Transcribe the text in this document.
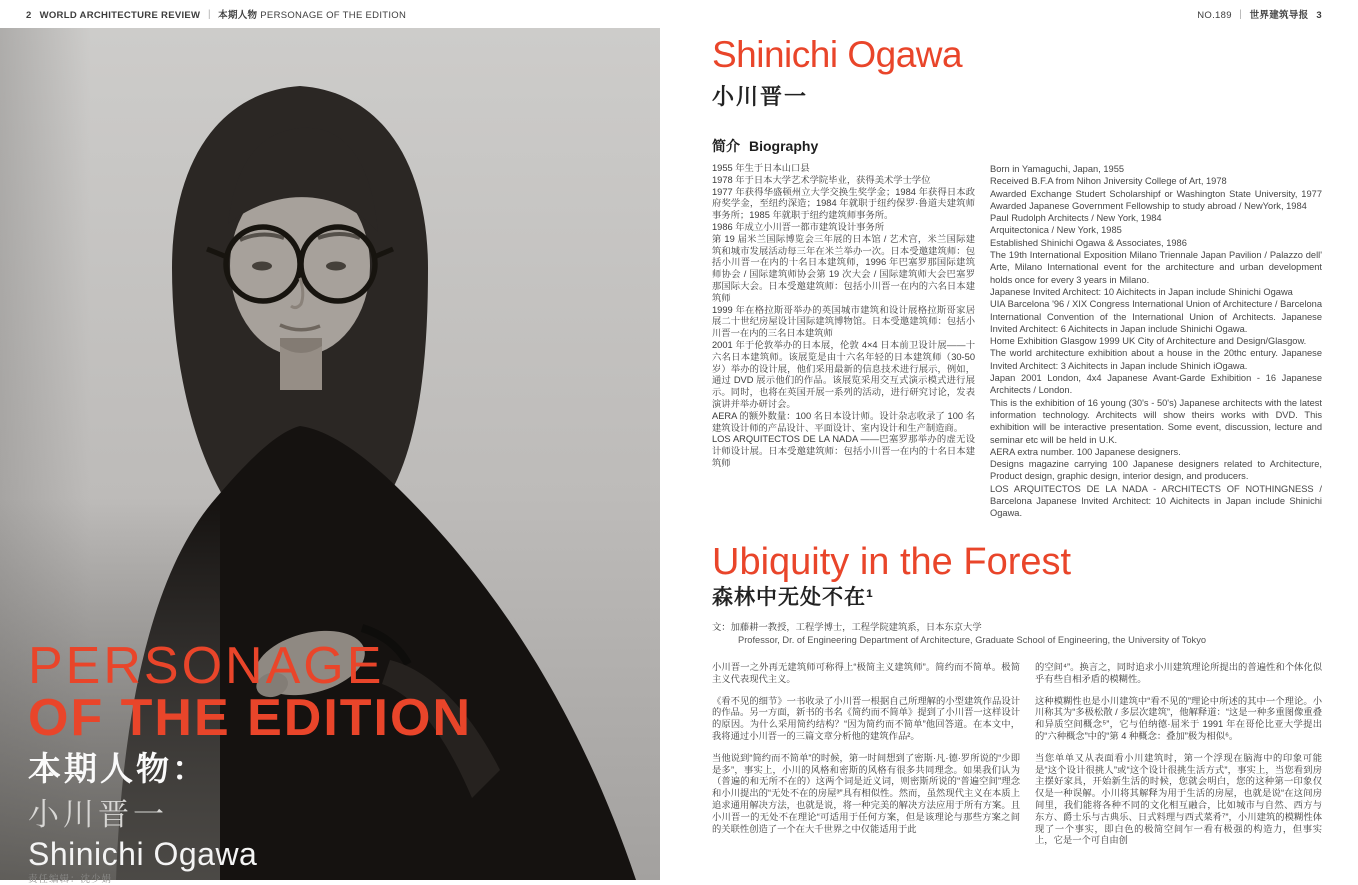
2 WORLD ARCHITECTURE REVIEW ｜ 本期人物 PERSONAGE OF THE EDITION	NO.189 ｜ 世界建筑导报 3
PERSONAGE
OF THE EDITION
本期人物：
小川晋一
Shinichi Ogawa
责任编辑：沈少娟
Shinichi Ogawa
小川晋一
简介 Biography

1955 年生于日本山口县

1978 年于日本大学艺术学院毕业，获得美术学士学位

1977 年获得华盛顿州立大学交换生奖学金；1984 年获得日本政府奖学金，至纽约深造；1984 年就职于纽约保罗·鲁道夫建筑师事务所；1985 年就职于纽约建筑师事务所。

1986 年成立小川晋一都市建筑设计事务所

第 19 届米兰国际博览会三年展的日本馆 / 艺术宫，米兰国际建筑和城市发展活动每三年在米兰举办一次。日本受邀建筑师：包括小川晋一在内的十名日本建筑师，1996 年巴塞罗那国际建筑师协会 / 国际建筑师协会第 19 次大会 / 国际建筑师大会巴塞罗那国际大会。日本受邀建筑师：包括小川晋一在内的六名日本建筑师

1999 年在格拉斯哥举办的英国城市建筑和设计展格拉斯哥家居展二十世纪房屋设计国际建筑博物馆。日本受邀建筑师：包括小川晋一在内的三名日本建筑师

2001 年于伦敦举办的日本展，伦敦 4×4 日本前卫设计展——十六名日本建筑师。该展览是由十六名年轻的日本建筑师（30-50 岁）举办的设计展，他们采用最新的信息技术进行展示，例如，通过 DVD 展示他们的作品。该展览采用交互式演示模式进行展示。同时，也将在英国开展一系列的活动，进行研究讨论，发表演讲并举办研讨会。

AERA 的额外数量：100 名日本设计师。设计杂志收录了 100 名建筑设计师的产品设计、平面设计、室内设计和生产制造商。

LOS ARQUITECTOS DE LA NADA ——巴塞罗那举办的虚无设计师设计展。日本受邀建筑师：包括小川晋一在内的十名日本建筑师

Born in Yamaguchi, Japan, 1955

Received B.F.A from Nihon Jniversity College of Art, 1978

Awarded Exchange Studert Scholarshipf or Washington State University, 1977 Awarded Japanese Government Fellowship to study abroad / NewYork, 1984

Paul Rudolph Architects / New York, 1984

Arquitectonica / New York, 1985

Established Shinichi Ogawa & Associates, 1986

The 19th International Exposition Milano Triennale Japan Pavilion / Palazzo dell' Arte, Milano International event for the architecture and urban development holds once for every 3 years in Milano.

Japanese Invited Architect: 10 Aichitects in Japan include Shinichi Ogawa

UIA Barcelona '96 / XIX Congress International Union of Architecture / Barcelona International Convention of the International Union of Architects. Japanese Invited Architect: 6 Aichitects in Japan include Shinichi Ogawa.

Home Exhibition Glasgow 1999 UK City of Architecture and Design/Glasgow.

The world architecture exhibition about a house in the 20thc entury. Japanese Invited Architect: 3 Aichitects in Japan include Shinich iOgawa.

Japan 2001 London, 4x4 Japanese Avant-Garde Exhibition - 16 Japanese Architects / London.

This is the exhibition of 16 young (30's - 50's) Japanese architects with the latest information technology. Architects will show theirs works with DVD. This exhibition will be interactive presentation. Some event, discussion, lecture and seminar etc will be held in U.K.

AERA extra number. 100 Japanese designers.

Designs magazine carrying 100 Japanese designers related to Architecture, Product design, graphic design, interior design, and producers.

LOS ARQUITECTOS DE LA NADA - ARCHITECTS OF NOTHINGNESS / Barcelona Japanese Invited Architect: 10 Aichitects in Japan include Shinichi Ogawa.

Ubiquity in the Forest
森林中无处不在¹
文：加藤耕一教授，工程学博士，工程学院建筑系，日本东京大学
Professor, Dr. of Engineering Department of Architecture, Graduate School of Engineering, the University of Tokyo

小川晋一之外再无建筑师可称得上“极简主义建筑师”。简约而不简单。极简主义代表现代主义。

《看不见的细节》一书收录了小川晋一根据自己所理解的小型建筑作品设计的作品。另一方面，新书的书名《简约而不简单》提到了小川晋一这样设计的原因。为什么采用简约结构？“因为简约而不简单”他回答道。在本文中，我将通过小川晋一的三篇文章分析他的建筑作品²。

当他说到“简约而不简单”的时候，第一时间想到了密斯·凡·德·罗所说的“少即是多”，事实上，小川的风格和密斯的风格有很多共同理念。如果我们认为（普遍的和无所不在的）这两个词是近义词，则密斯所说的“普遍空间”理念和小川提出的“无处不在的房屋³”具有相似性。然而，虽然现代主义在本质上追求通用解决方法，也就是说，将一种完美的解决方法应用于所有方案。且小川晋一的无处不在理论“可适用于任何方案，但是该理论与那些方案之间的关联性创造了一个在大千世界之中仅能适用于此

的空间⁴”。换言之，同时追求小川建筑理论所提出的普遍性和个体化似乎有些自相矛盾的模糊性。

这种模糊性也是小川建筑中“看不见的”理论中所述的其中一个理论。小川称其为“多极松散 / 多层次建筑”，他解释道：“这是一种多重图像重叠和异质空间概念⁵”，它与伯纳德·屈米于 1991 年在哥伦比亚大学提出的“六种概念”中的“第 4 种概念：叠加”极为相似⁶。

当您单单又从表面看小川建筑时，第一个浮现在脑海中的印象可能是“这个设计很挑人”或“这个设计很挑生活方式”，事实上，当您看到房主摆好家具，开始新生活的时候，您就会明白，您的这种第一印象仅仅是一种误解。小川将其解释为用于生活的房屋，也就是说“在这间房间里，我们能将各种不同的文化相互融合，比如城市与自然、西方与东方、爵士乐与古典乐、日式料理与西式菜肴⁷”，小川建筑的模糊性体现了一个事实，即白色的极简空间乍一看有极强的构造力，但事实上，它是一个可自由创
